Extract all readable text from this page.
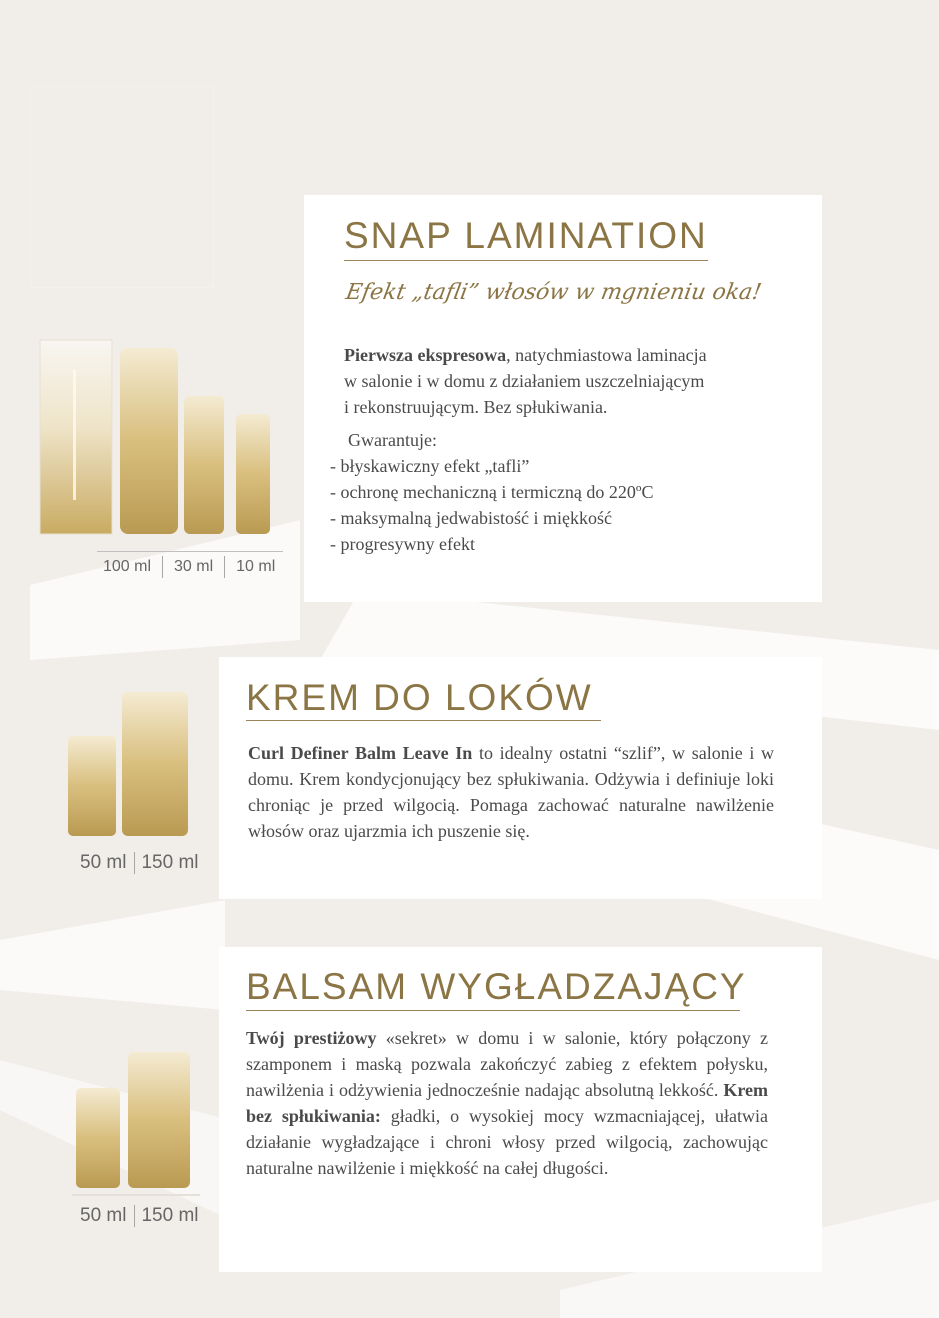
SNAP LAMINATION

Efekt „tafli” włosów w mgnieniu oka!

Pierwsza ekspresowa, natychmiastowa laminacja
w salonie i w domu z działaniem uszczelniającym
i rekonstruującym. Bez spłukiwania.

Gwarantuje:

- błyskawiczny efekt „tafli”
- ochronę mechaniczną i termiczną do 220ºC
- maksymalną jedwabistość i miękkość
- progresywny efekt
100 ml	30 ml	10 ml
KREM DO LOKÓW

Curl Definer Balm Leave In to idealny ostatni “szlif”, w salonie i w domu. Krem kondycjonujący bez spłukiwania. Odżywia i definiuje loki chroniąc je przed wilgocią. Pomaga zachować naturalne nawilżenie włosów oraz ujarzmia ich puszenie się.

50 ml 150 ml
BALSAM WYGŁADZAJĄCY

Twój prestiżowy «sekret» w domu i w salonie, który połączony z szamponem i maską pozwala zakończyć zabieg z efektem połysku, nawilżenia i odżywienia jednocześnie nadając absolutną lekkość. Krem bez spłukiwania: gładki, o wysokiej mocy wzmacniającej, ułatwia działanie wygładzające i chroni włosy przed wilgocią, zachowując naturalne nawilżenie i miękkość na całej długości.

50 ml 150 ml
